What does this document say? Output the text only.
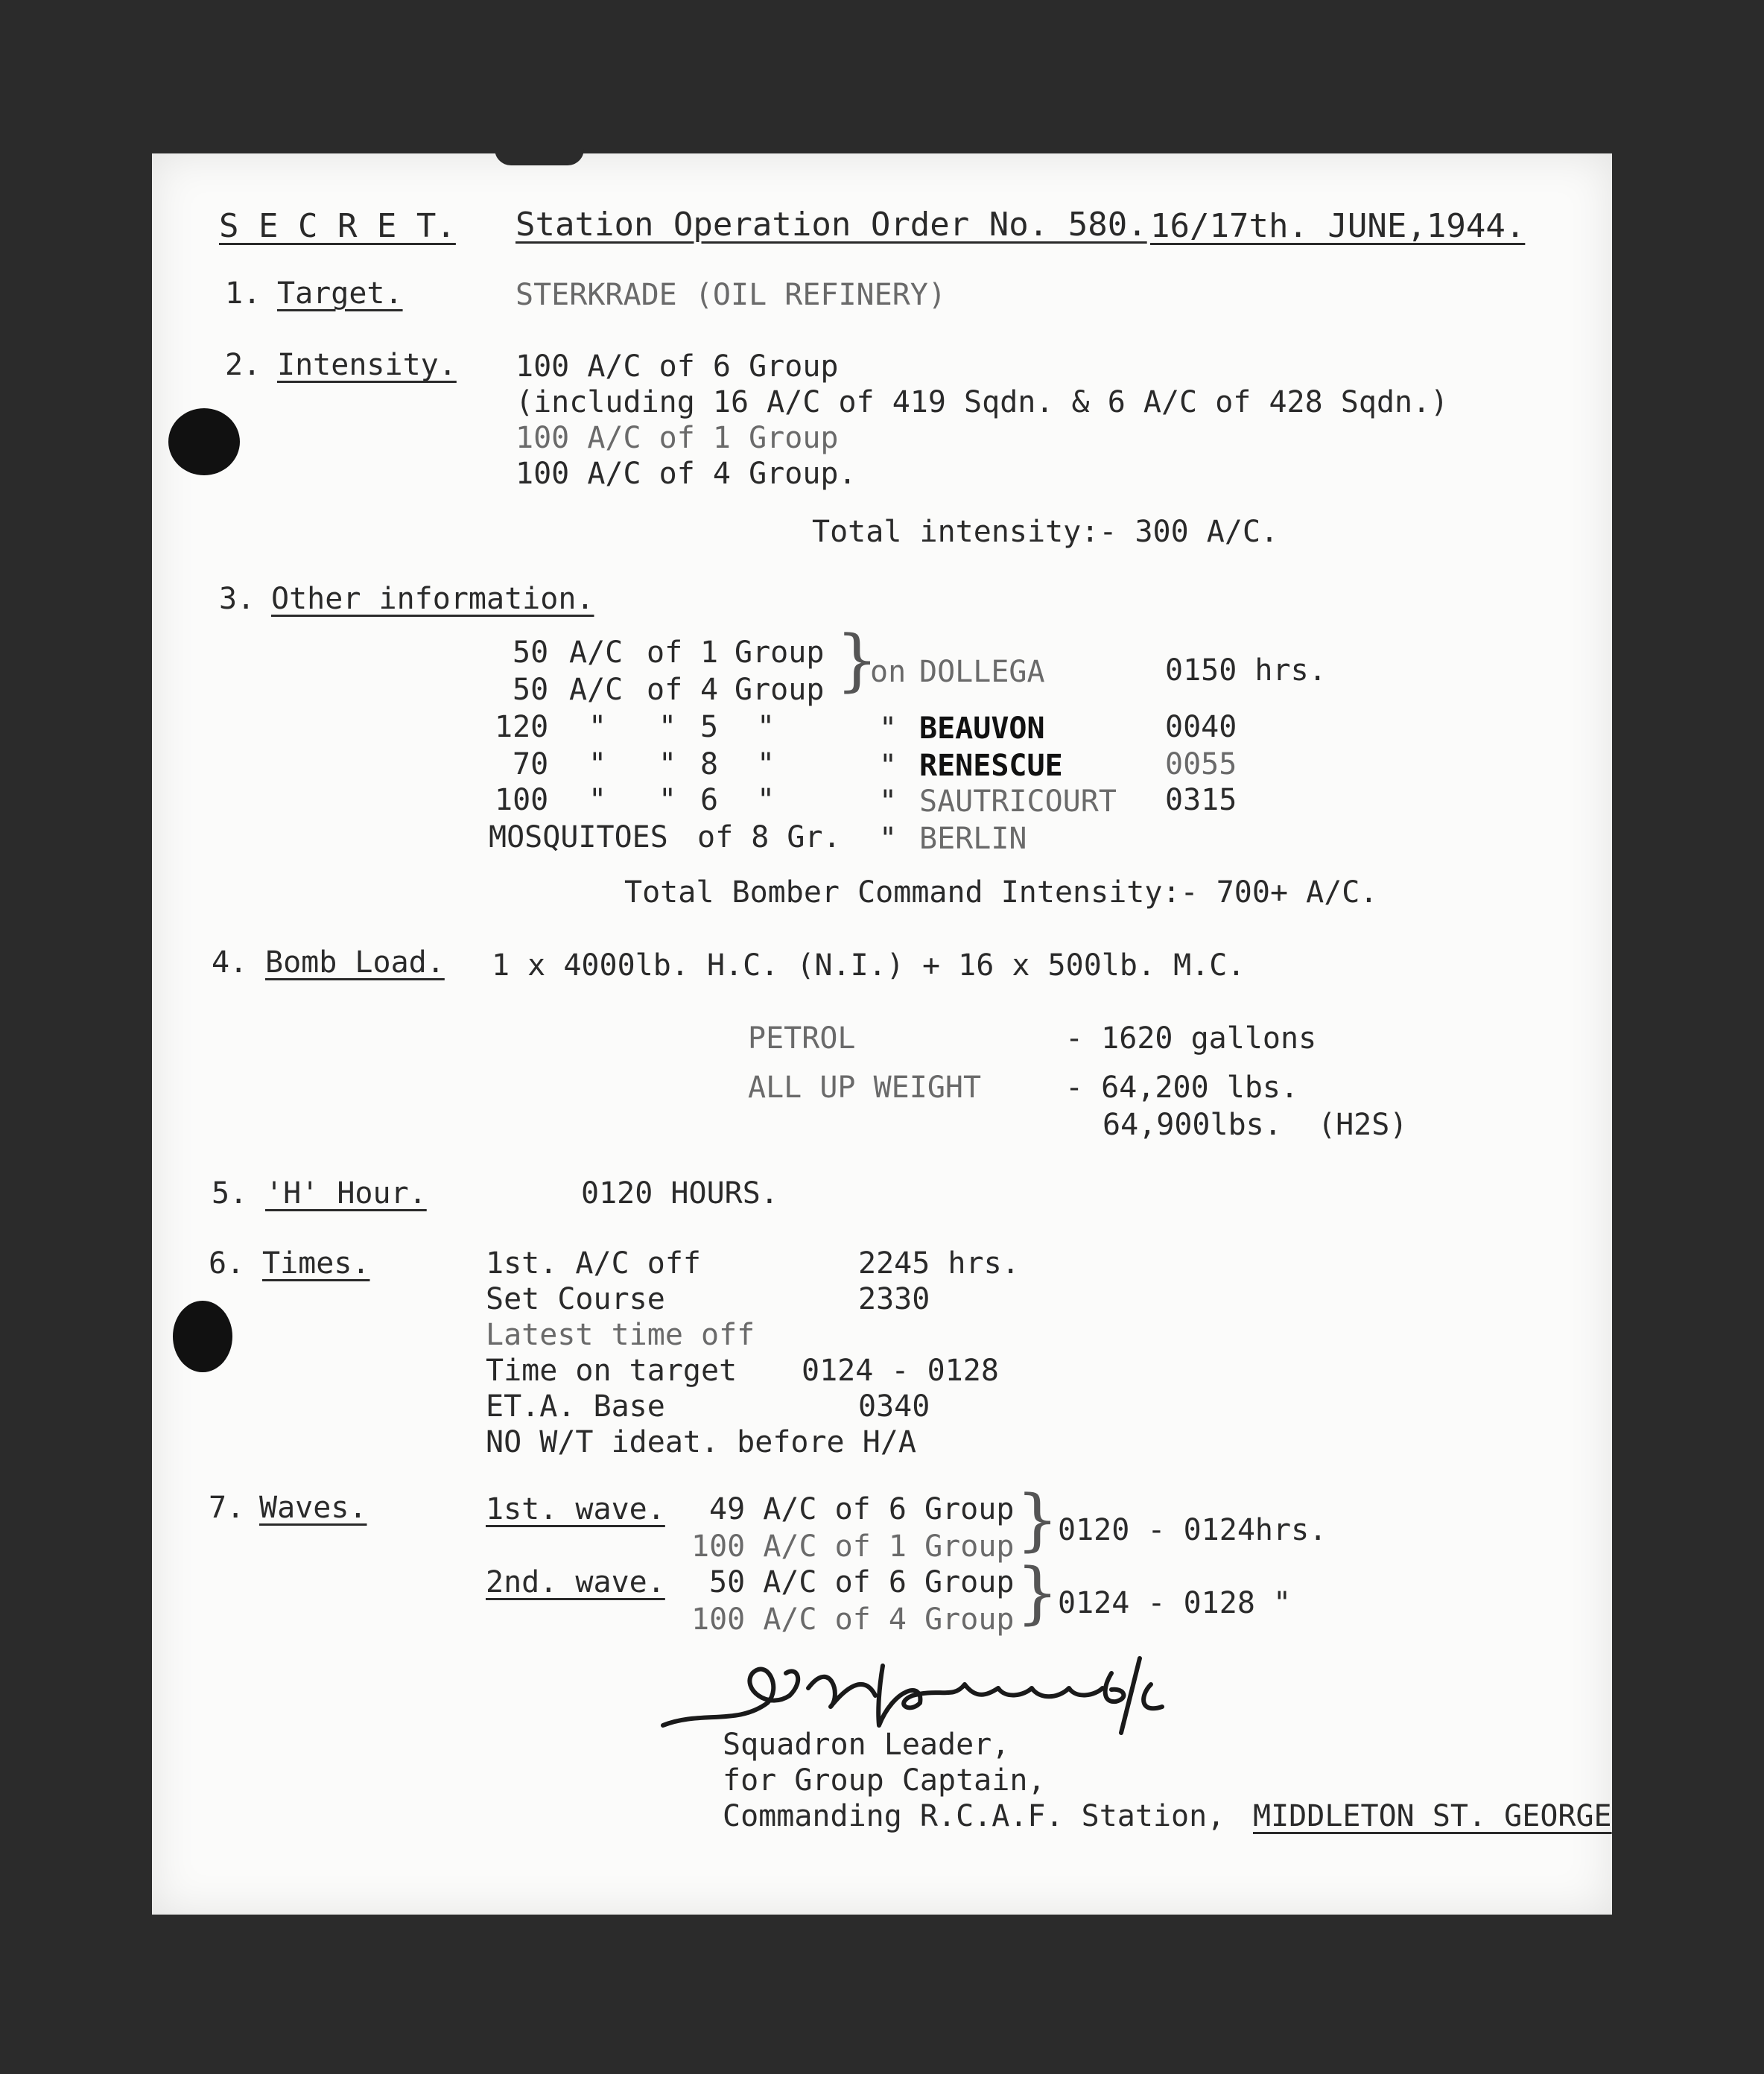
S E C R E T. Station Operation Order No. 580. 16/17th. JUNE,1944.
1. Target.	STERKRADE (OIL REFINERY)
2. Intensity. 100 A/C of 6 Group
(including 16 A/C of 419 Sqdn. & 6 A/C of 428 Sqdn.)
100 A/C of 1 Group
100 A/C of 4 Group.
Total intensity:- 300 A/C.
3. Other information.
50 A/C of 1 Group
50 A/C of 4 Group }
on DOLLEGA	0150 hrs.
120 " " 5 "	" BEAUVON	0040
70 " " 8 "	" RENESCUE	0055
100 " " 6 "	" SAUTRICOURT 0315
MOSQUITOES of 8 Gr. " BERLIN
Total Bomber Command Intensity:- 700+ A/C.
4. Bomb Load. 1 x 4000lb. H.C. (N.I.) + 16 x 500lb. M.C.
PETROL	- 1620 gallons
ALL UP WEIGHT	- 64,200 lbs.
64,900lbs.  (H2S)
5. 'H' Hour.	0120 HOURS.
6. Times.	1st. A/C off	2245 hrs.
Set Course	2330
Latest time off
Time on target 0124 - 0128
ET.A. Base	0340
NO W/T ideat. before H/A
7. Waves.	1st. wave. 49 A/C of 6 Group
100 A/C of 1 Group }
0120 - 0124hrs.
2nd. wave. 50 A/C of 6 Group
100 A/C of 4 Group }
0124 - 0128 "
Squadron Leader,
for Group Captain,
Commanding R.C.A.F. Station, MIDDLETON ST. GEORGE
